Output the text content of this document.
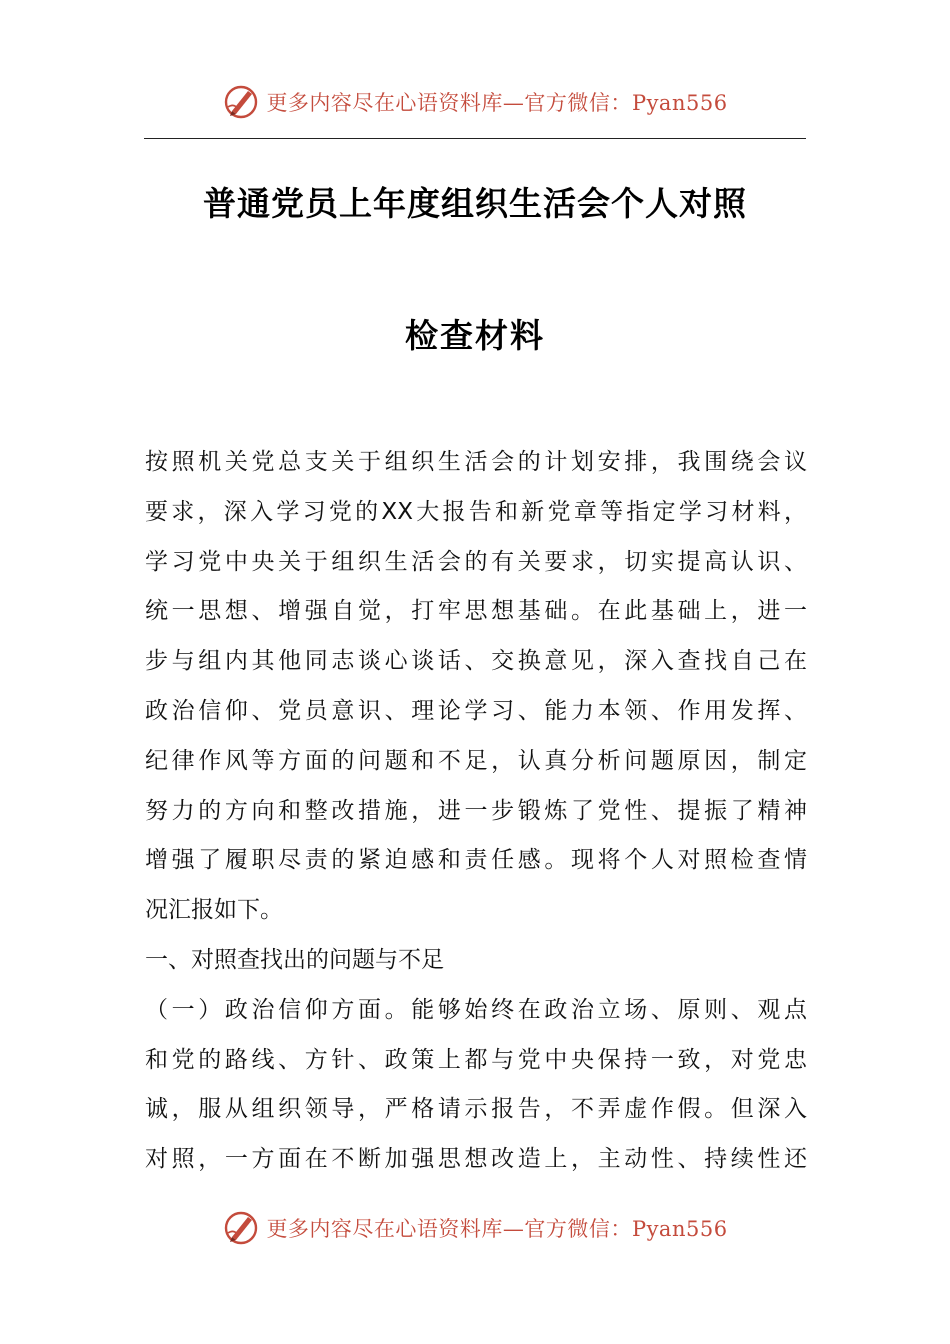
更多内容尽在心语资料库—官方微信：Pyan556
普通党员上年度组织生活会个人对照
检查材料
按照机关党总支关于组织生活会的计划安排，我围绕会议
要求，深入学习党的XX大报告和新党章等指定学习材料，
学习党中央关于组织生活会的有关要求，切实提高认识、
统一思想、增强自觉，打牢思想基础。在此基础上，进一
步与组内其他同志谈心谈话、交换意见，深入查找自己在
政治信仰、党员意识、理论学习、能力本领、作用发挥、
纪律作风等方面的问题和不足，认真分析问题原因，制定
努力的方向和整改措施，进一步锻炼了党性、提振了精神
增强了履职尽责的紧迫感和责任感。现将个人对照检查情
况汇报如下。
一、对照查找出的问题与不足
（一）政治信仰方面。能够始终在政治立场、原则、观点
和党的路线、方针、政策上都与党中央保持一致，对党忠
诚，服从组织领导，严格请示报告，不弄虚作假。但深入
对照，一方面在不断加强思想改造上，主动性、持续性还
更多内容尽在心语资料库—官方微信：Pyan556
